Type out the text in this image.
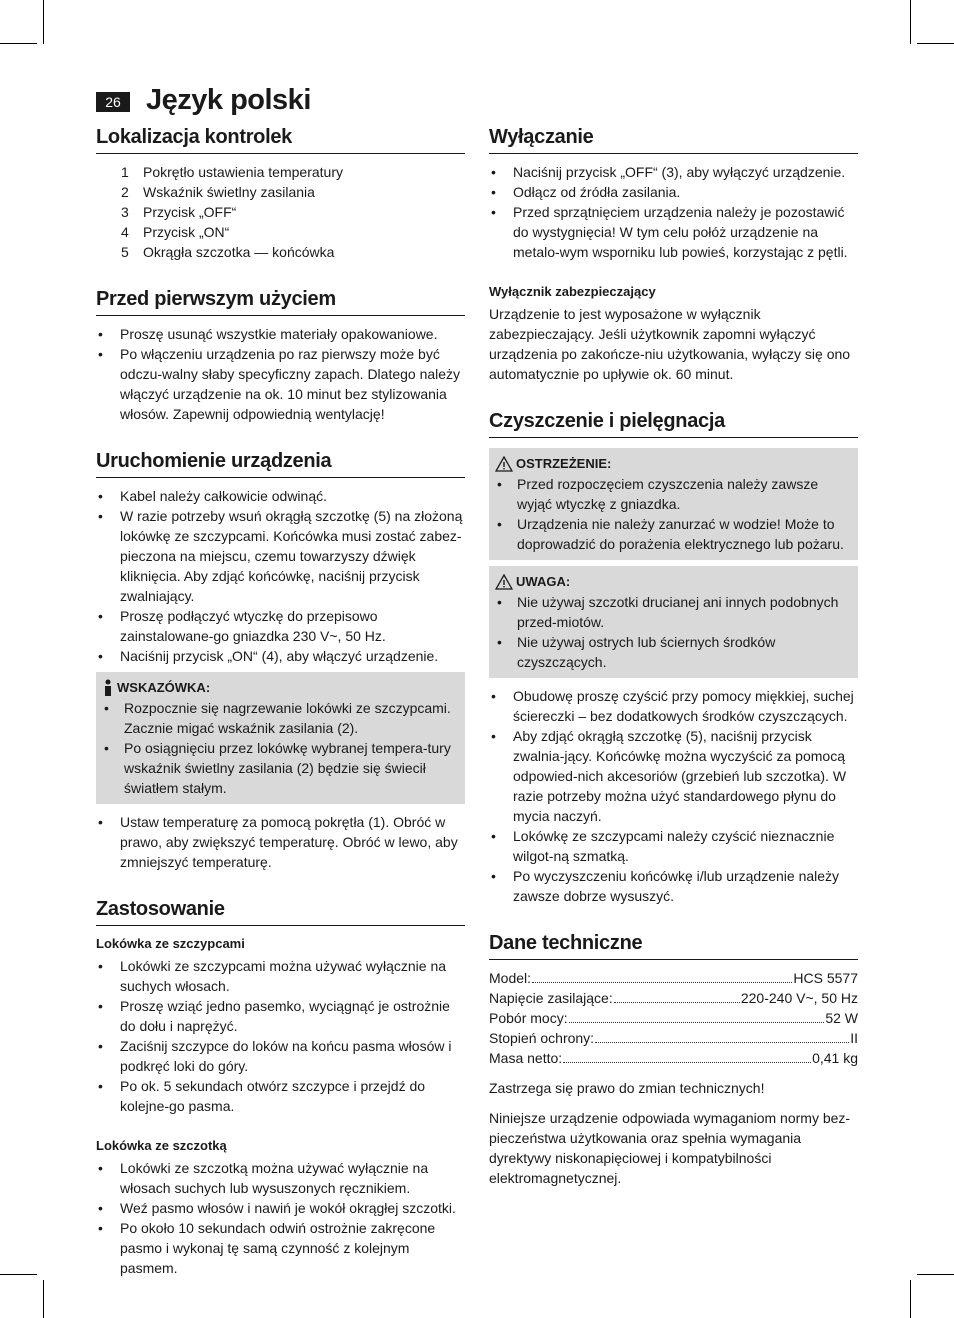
26 Język polski
Lokalizacja kontrolek
1 Pokrętło ustawienia temperatury
2 Wskaźnik świetlny zasilania
3 Przycisk „OFF“
4 Przycisk „ON“
5 Okrągła szczotka — końcówka
Przed pierwszym użyciem
• Proszę usunąć wszystkie materiały opakowaniowe.
• Po włączeniu urządzenia po raz pierwszy może być odczu-walny słaby specyficzny zapach. Dlatego należy włączyć urządzenie na ok. 10 minut bez stylizowania włosów. Zapewnij odpowiednią wentylację!
Uruchomienie urządzenia
• Kabel należy całkowicie odwinąć.
• W razie potrzeby wsuń okrągłą szczotkę (5) na złożoną lokówkę ze szczypcami. Końcówka musi zostać zabez-pieczona na miejscu, czemu towarzyszy dźwięk kliknięcia. Aby zdjąć końcówkę, naciśnij przycisk zwalniający.
• Proszę podłączyć wtyczkę do przepisowo zainstalowane-go gniazdka 230 V~, 50 Hz.
• Naciśnij przycisk „ON“ (4), aby włączyć urządzenie.
WSKAZÓWKA:
• Rozpocznie się nagrzewanie lokówki ze szczypcami. Zacznie migać wskaźnik zasilania (2).
• Po osiągnięciu przez lokówkę wybranej tempera-tury wskaźnik świetlny zasilania (2) będzie się świecił światłem stałym.
• Ustaw temperaturę za pomocą pokrętła (1). Obróć w prawo, aby zwiększyć temperaturę. Obróć w lewo, aby zmniejszyć temperaturę.
Zastosowanie
Lokówka ze szczypcami
• Lokówki ze szczypcami można używać wyłącznie na suchych włosach.
• Proszę wziąć jedno pasemko, wyciągnąć je ostrożnie do dołu i naprężyć.
• Zaciśnij szczypce do loków na końcu pasma włosów i podkręć loki do góry.
• Po ok. 5 sekundach otwórz szczypce i przejdź do kolejne-go pasma.
Lokówka ze szczotką
• Lokówki ze szczotką można używać wyłącznie na włosach suchych lub wysuszonych ręcznikiem.
• Weź pasmo włosów i nawiń je wokół okrągłej szczotki.
• Po około 10 sekundach odwiń ostrożnie zakręcone pasmo i wykonaj tę samą czynność z kolejnym pasmem.
Wyłączanie
• Naciśnij przycisk „OFF“ (3), aby wyłączyć urządzenie.
• Odłącz od źródła zasilania.
• Przed sprzątnięciem urządzenia należy je pozostawić do wystygnięcia! W tym celu połóż urządzenie na metalo-wym wsporniku lub powieś, korzystając z pętli.
Wyłącznik zabezpieczający
Urządzenie to jest wyposażone w wyłącznik zabezpieczający. Jeśli użytkownik zapomni wyłączyć urządzenia po zakończe-niu użytkowania, wyłączy się ono automatycznie po upływie ok. 60 minut.
Czyszczenie i pielęgnacja
OSTRZEŻENIE:
• Przed rozpoczęciem czyszczenia należy zawsze wyjąć wtyczkę z gniazdka.
• Urządzenia nie należy zanurzać w wodzie! Może to doprowadzić do porażenia elektrycznego lub pożaru.
UWAGA:
• Nie używaj szczotki drucianej ani innych podobnych przed-miotów.
• Nie używaj ostrych lub ściernych środków czyszczących.
• Obudowę proszę czyścić przy pomocy miękkiej, suchej ściereczki – bez dodatkowych środków czyszczących.
• Aby zdjąć okrągłą szczotkę (5), naciśnij przycisk zwalnia-jący. Końcówkę można wyczyścić za pomocą odpowied-nich akcesoriów (grzebień lub szczotka). W razie potrzeby można użyć standardowego płynu do mycia naczyń.
• Lokówkę ze szczypcami należy czyścić nieznacznie wilgot-ną szmatką.
• Po wyczyszczeniu końcówkę i/lub urządzenie należy zawsze dobrze wysuszyć.
Dane techniczne
Model:	HCS 5577
Napięcie zasilające:	220-240 V~, 50 Hz
Pobór mocy:	52 W
Stopień ochrony:	II
Masa netto:	0,41 kg
Zastrzega się prawo do zmian technicznych!
Niniejsze urządzenie odpowiada wymaganiom normy bez-pieczeństwa użytkowania oraz spełnia wymagania dyrektywy niskonapięciowej i kompatybilności elektromagnetycznej.
